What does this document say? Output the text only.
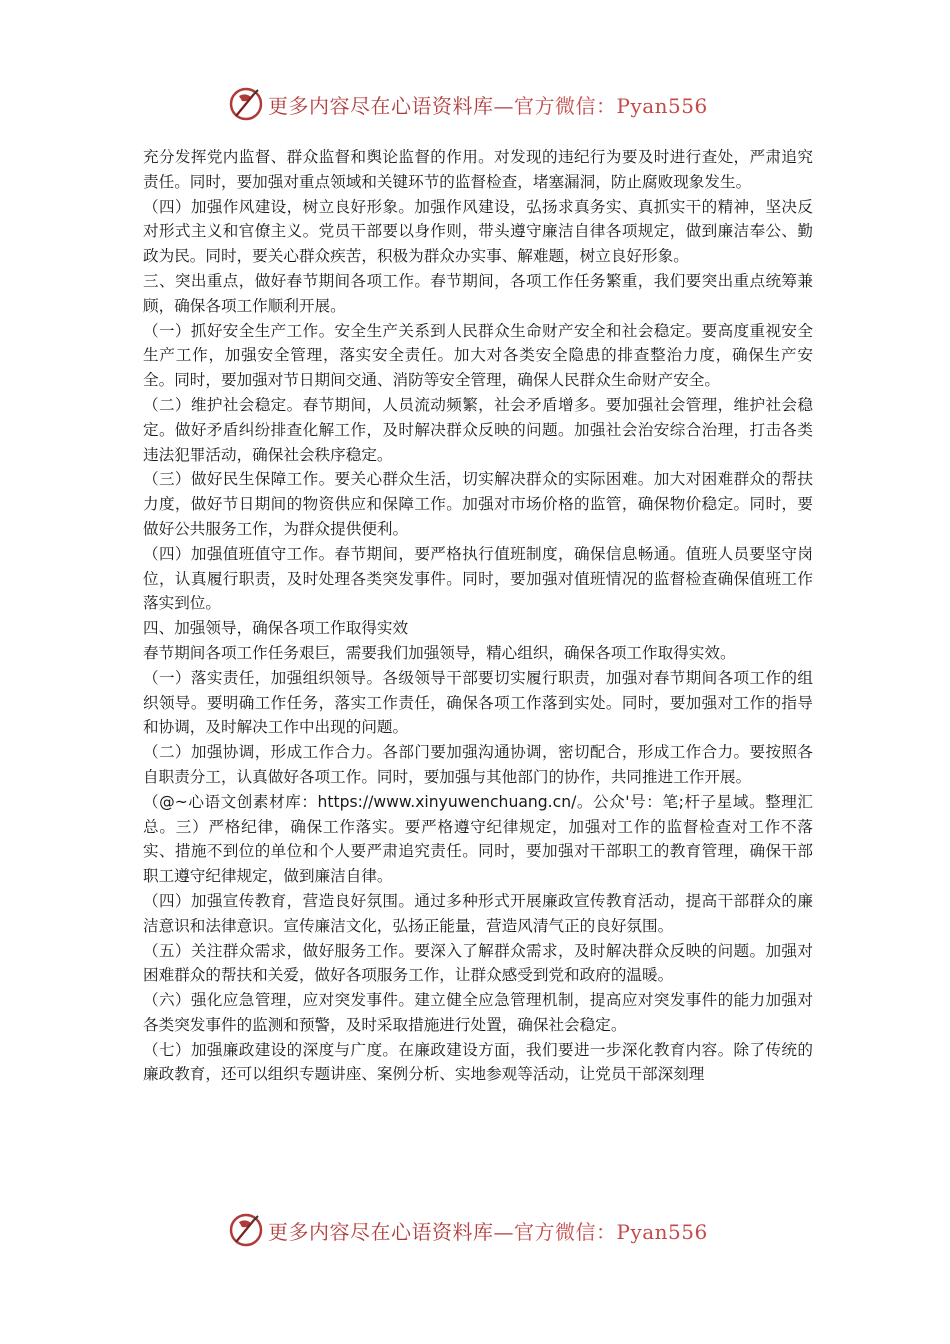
更多内容尽在心语资料库—官方微信：Pyan556

充分发挥党内监督、群众监督和舆论监督的作用。对发现的违纪行为要及时进行查处，严肃追究责任。同时，要加强对重点领域和关键环节的监督检查，堵塞漏洞，防止腐败现象发生。

（四）加强作风建设，树立良好形象。加强作风建设，弘扬求真务实、真抓实干的精神，坚决反对形式主义和官僚主义。党员干部要以身作则，带头遵守廉洁自律各项规定，做到廉洁奉公、勤政为民。同时，要关心群众疾苦，积极为群众办实事、解难题，树立良好形象。

三、突出重点，做好春节期间各项工作。春节期间，各项工作任务繁重，我们要突出重点统筹兼顾，确保各项工作顺利开展。

（一）抓好安全生产工作。安全生产关系到人民群众生命财产安全和社会稳定。要高度重视安全生产工作，加强安全管理，落实安全责任。加大对各类安全隐患的排查整治力度，确保生产安全。同时，要加强对节日期间交通、消防等安全管理，确保人民群众生命财产安全。

（二）维护社会稳定。春节期间，人员流动频繁，社会矛盾增多。要加强社会管理，维护社会稳定。做好矛盾纠纷排查化解工作，及时解决群众反映的问题。加强社会治安综合治理，打击各类违法犯罪活动，确保社会秩序稳定。

（三）做好民生保障工作。要关心群众生活，切实解决群众的实际困难。加大对困难群众的帮扶力度，做好节日期间的物资供应和保障工作。加强对市场价格的监管，确保物价稳定。同时，要做好公共服务工作，为群众提供便利。

（四）加强值班值守工作。春节期间，要严格执行值班制度，确保信息畅通。值班人员要坚守岗位，认真履行职责，及时处理各类突发事件。同时，要加强对值班情况的监督检查确保值班工作落实到位。

四、加强领导，确保各项工作取得实效

春节期间各项工作任务艰巨，需要我们加强领导，精心组织，确保各项工作取得实效。

（一）落实责任，加强组织领导。各级领导干部要切实履行职责，加强对春节期间各项工作的组织领导。要明确工作任务，落实工作责任，确保各项工作落到实处。同时，要加强对工作的指导和协调，及时解决工作中出现的问题。

（二）加强协调，形成工作合力。各部门要加强沟通协调，密切配合，形成工作合力。要按照各自职责分工，认真做好各项工作。同时，要加强与其他部门的协作，共同推进工作开展。

（@~心语文创素材库：https://www.xinyuwenchuang.cn/。公众'号：笔;杆子星域。整理汇总。三）严格纪律，确保工作落实。要严格遵守纪律规定，加强对工作的监督检查对工作不落实、措施不到位的单位和个人要严肃追究责任。同时，要加强对干部职工的教育管理，确保干部职工遵守纪律规定，做到廉洁自律。

（四）加强宣传教育，营造良好氛围。通过多种形式开展廉政宣传教育活动，提高干部群众的廉洁意识和法律意识。宣传廉洁文化，弘扬正能量，营造风清气正的良好氛围。

（五）关注群众需求，做好服务工作。要深入了解群众需求，及时解决群众反映的问题。加强对困难群众的帮扶和关爱，做好各项服务工作，让群众感受到党和政府的温暖。

（六）强化应急管理，应对突发事件。建立健全应急管理机制，提高应对突发事件的能力加强对各类突发事件的监测和预警，及时采取措施进行处置，确保社会稳定。

（七）加强廉政建设的深度与广度。在廉政建设方面，我们要进一步深化教育内容。除了传统的廉政教育，还可以组织专题讲座、案例分析、实地参观等活动，让党员干部深刻理

更多内容尽在心语资料库—官方微信：Pyan556
